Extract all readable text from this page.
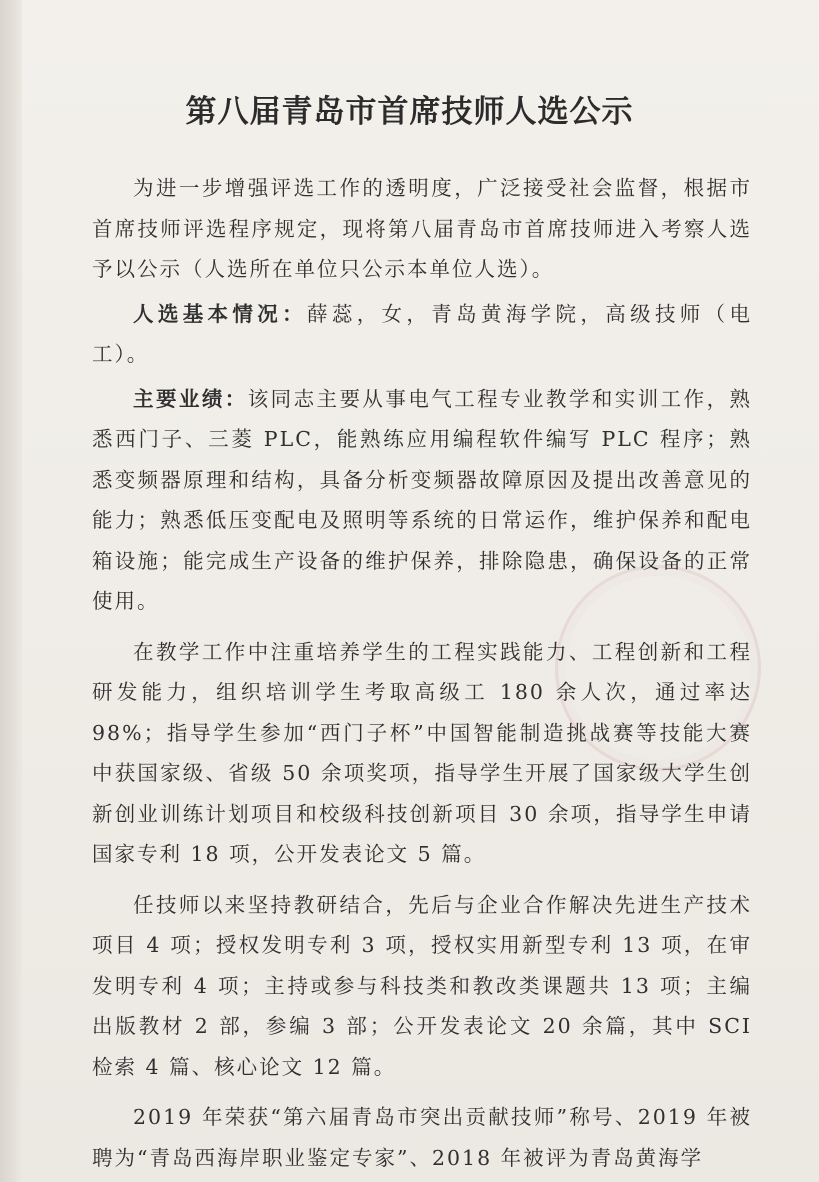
第八届青岛市首席技师人选公示

为进一步增强评选工作的透明度，广泛接受社会监督，根据市首席技师评选程序规定，现将第八届青岛市首席技师进入考察人选予以公示（人选所在单位只公示本单位人选）。

人选基本情况：薛蕊，女，青岛黄海学院，高级技师（电工）。

主要业绩：该同志主要从事电气工程专业教学和实训工作，熟悉西门子、三菱 PLC，能熟练应用编程软件编写 PLC 程序；熟悉变频器原理和结构，具备分析变频器故障原因及提出改善意见的能力；熟悉低压变配电及照明等系统的日常运作，维护保养和配电箱设施；能完成生产设备的维护保养，排除隐患，确保设备的正常使用。

在教学工作中注重培养学生的工程实践能力、工程创新和工程研发能力，组织培训学生考取高级工 180 余人次，通过率达 98%；指导学生参加“西门子杯”中国智能制造挑战赛等技能大赛中获国家级、省级 50 余项奖项，指导学生开展了国家级大学生创新创业训练计划项目和校级科技创新项目 30 余项，指导学生申请国家专利 18 项，公开发表论文 5 篇。

任技师以来坚持教研结合，先后与企业合作解决先进生产技术项目 4 项；授权发明专利 3 项，授权实用新型专利 13 项，在审发明专利 4 项；主持或参与科技类和教改类课题共 13 项；主编出版教材 2 部，参编 3 部；公开发表论文 20 余篇，其中 SCI 检索 4 篇、核心论文 12 篇。

2019 年荣获“第六届青岛市突出贡献技师”称号、2019 年被聘为“青岛西海岸职业鉴定专家”、2018 年被评为青岛黄海学
